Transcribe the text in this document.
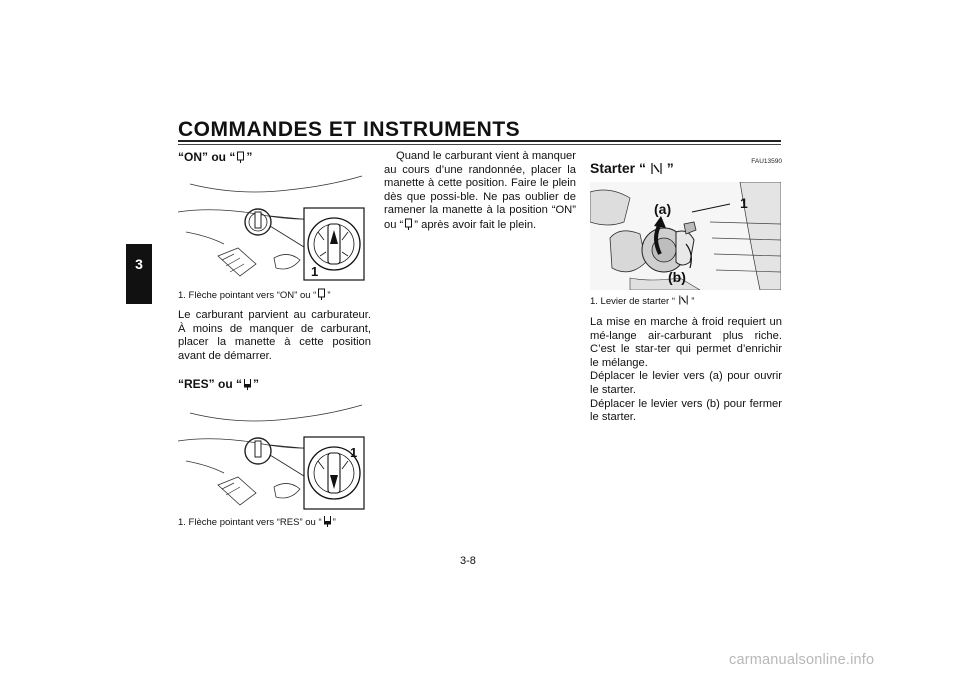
COMMANDES ET INSTRUMENTS
3

“ON” ou “ ”

1
1. Flèche pointant vers “ON” ou “ ”

Le carburant parvient au carburateur. À moins de manquer de carburant, placer la manette à cette position avant de démarrer.

“RES” ou “ ”

1
1. Flèche pointant vers “RES” ou “ ”

Quand le carburant vient à manquer au cours d’une randonnée, placer la manette à cette position. Faire le plein dès que possi-ble. Ne pas oublier de ramener la manette à la position “ON” ou “ ” après avoir fait le plein.

FAU13590

Starter “  ”

(a)
(b)
1
1. Levier de starter “  ”

La mise en marche à froid requiert un mé-lange air-carburant plus riche. C’est le star-ter qui permet d’enrichir le mélange.

Déplacer le levier vers (a) pour ouvrir le starter.

Déplacer le levier vers (b) pour fermer le starter.

3-8
carmanualsonline.info
